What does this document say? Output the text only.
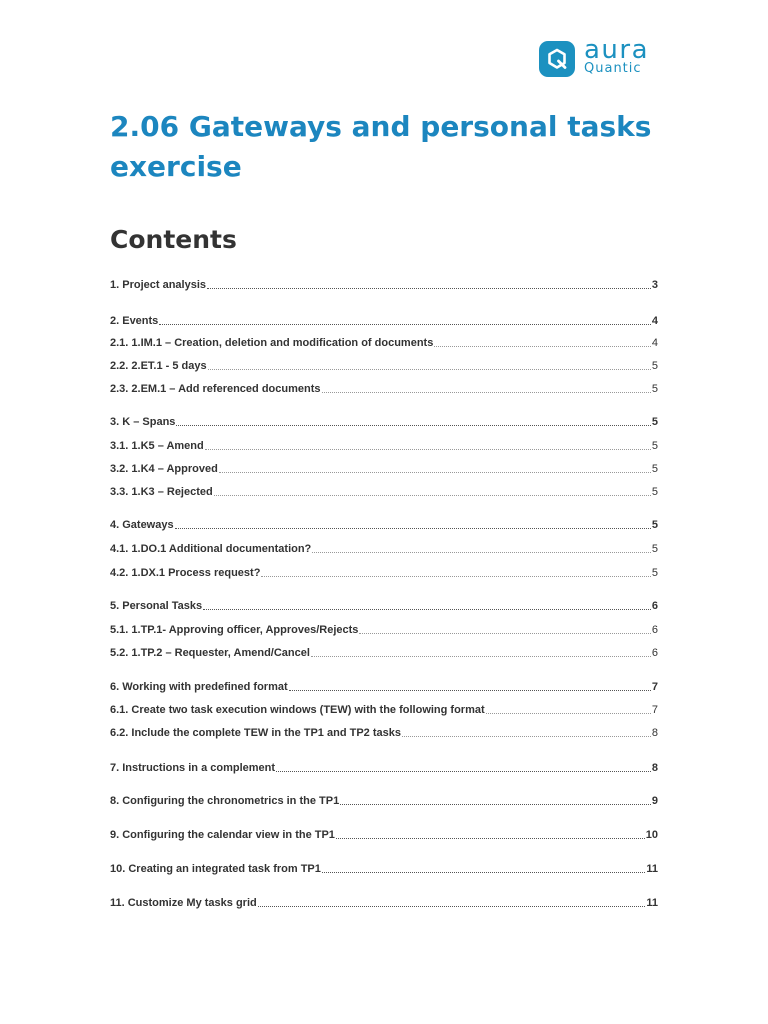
aura
Quantic
2.06 Gateways and personal tasks exercise
Contents
1. Project analysis	3
2. Events	4
2.1. 1.IM.1 – Creation, deletion and modification of documents	4
2.2. 2.ET.1 - 5 days	5
2.3. 2.EM.1 – Add referenced documents	5
3. K – Spans	5
3.1. 1.K5 – Amend	5
3.2. 1.K4 – Approved	5
3.3. 1.K3 – Rejected	5
4. Gateways	5
4.1. 1.DO.1 Additional documentation?	5
4.2. 1.DX.1 Process request?	5
5. Personal Tasks	6
5.1. 1.TP.1- Approving officer, Approves/Rejects	6
5.2. 1.TP.2 – Requester, Amend/Cancel	6
6. Working with predefined format	7
6.1. Create two task execution windows (TEW) with the following format	7
6.2. Include the complete TEW in the TP1 and TP2 tasks	8
7. Instructions in a complement	8
8. Configuring the chronometrics in the TP1	9
9. Configuring the calendar view in the TP1	10
10. Creating an integrated task from TP1	11
11. Customize My tasks grid	11
